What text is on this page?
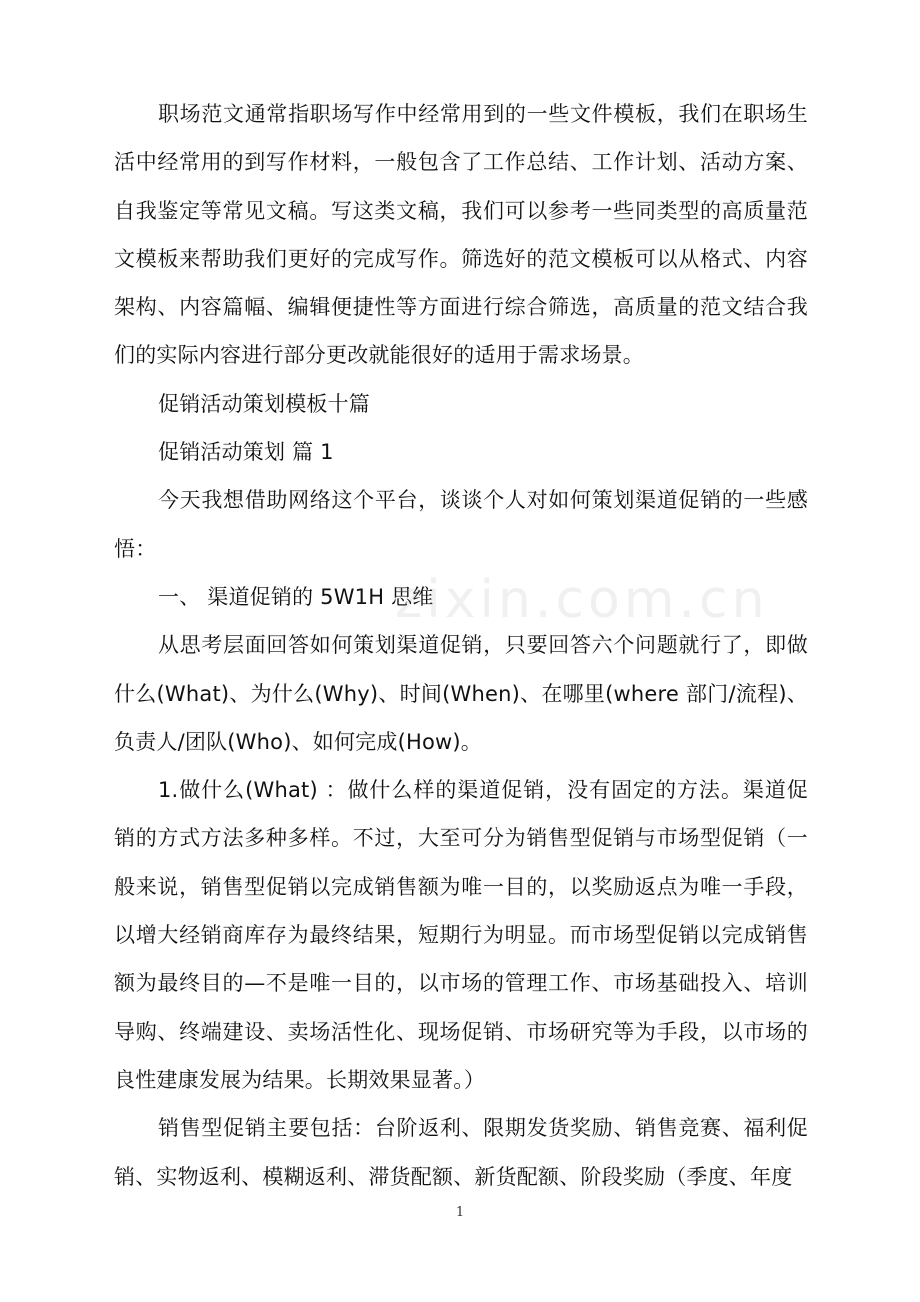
职场范文通常指职场写作中经常用到的一些文件模板，我们在职场生活中经常用的到写作材料，一般包含了工作总结、工作计划、活动方案、自我鉴定等常见文稿。写这类文稿，我们可以参考一些同类型的高质量范文模板来帮助我们更好的完成写作。筛选好的范文模板可以从格式、内容架构、内容篇幅、编辑便捷性等方面进行综合筛选，高质量的范文结合我们的实际内容进行部分更改就能很好的适用于需求场景。

促销活动策划模板十篇

促销活动策划 篇 1

今天我想借助网络这个平台，谈谈个人对如何策划渠道促销的一些感悟：

一、 渠道促销的 5W1H 思维

从思考层面回答如何策划渠道促销，只要回答六个问题就行了，即做什么(What)、为什么(Why)、时间(When)、在哪里(where 部门/流程)、负责人/团队(Who)、如何完成(How)。

1.做什么(What) ：做什么样的渠道促销，没有固定的方法。渠道促销的方式方法多种多样。不过，大至可分为销售型促销与市场型促销（一般来说，销售型促销以完成销售额为唯一目的，以奖励返点为唯一手段，以增大经销商库存为最终结果，短期行为明显。而市场型促销以完成销售额为最终目的—不是唯一目的，以市场的管理工作、市场基础投入、培训导购、终端建设、卖场活性化、现场促销、市场研究等为手段，以市场的良性建康发展为结果。长期效果显著。）

销售型促销主要包括：台阶返利、限期发货奖励、销售竞赛、福利促销、实物返利、模糊返利、滞货配额、新货配额、阶段奖励（季度、年度

zixin.com.cn
1
